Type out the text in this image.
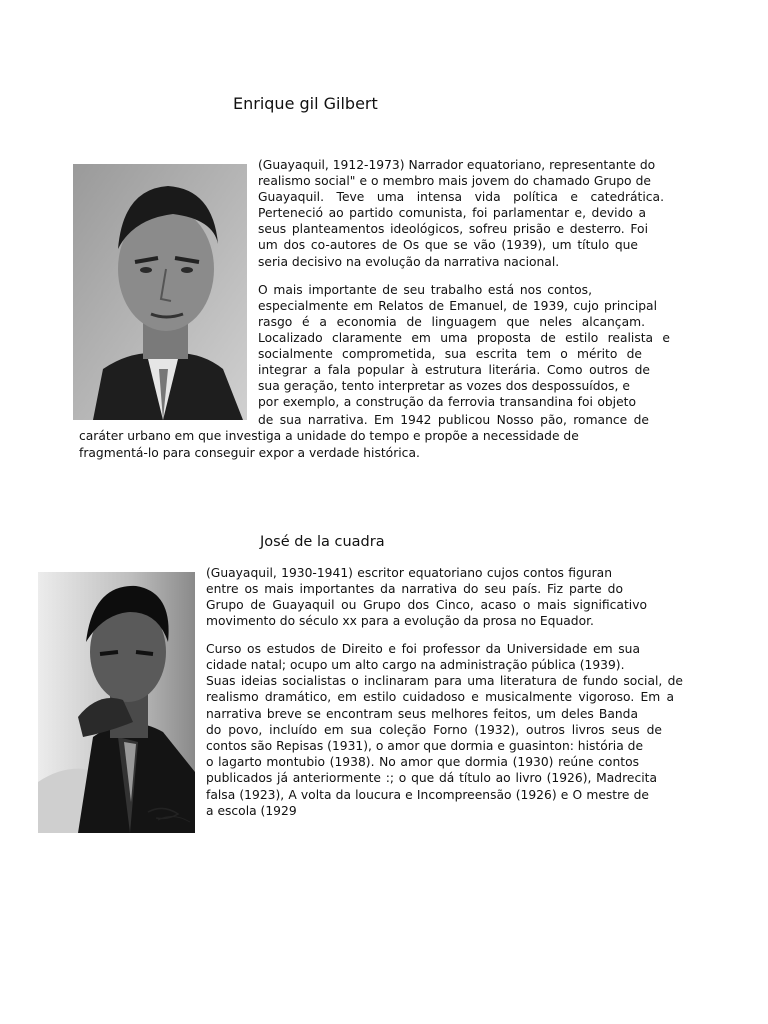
Enrique gil Gilbert
(Guayaquil, 1912-1973) Narrador equatoriano, representante do
realismo social" e o membro mais jovem do chamado Grupo de
Guayaquil. Teve uma intensa vida política e catedrática.
Perteneció ao partido comunista, foi parlamentar e, devido a
seus planteamentos ideológicos, sofreu prisão e desterro. Foi
um dos co-autores de Os que se vão (1939), um título que
seria decisivo na evolução da narrativa nacional.
O mais importante de seu trabalho está nos contos,
especialmente em Relatos de Emanuel, de 1939, cujo principal
rasgo é a economia de linguagem que neles alcançam.
Localizado claramente em uma proposta de estilo realista e
socialmente comprometida, sua escrita tem o mérito de
integrar a fala popular à estrutura literária. Como outros de
sua geração, tento interpretar as vozes dos despossuídos, e
por exemplo, a construção da ferrovia transandina foi objeto
de sua narrativa. Em 1942 publicou Nosso pão, romance de
caráter urbano em que investiga a unidade do tempo e propõe a necessidade de
fragmentá-lo para conseguir expor a verdade histórica.
José de la cuadra
(Guayaquil, 1930-1941) escritor equatoriano cujos contos figuran
entre os mais importantes da narrativa do seu país. Fiz parte do
Grupo de Guayaquil ou Grupo dos Cinco, acaso o mais significativo
movimento do século xx para a evolução da prosa no Equador.
Curso os estudos de Direito e foi professor da Universidade em sua
cidade natal; ocupo um alto cargo na administração pública (1939).
Suas ideias socialistas o inclinaram para uma literatura de fundo social, de
realismo dramático, em estilo cuidadoso e musicalmente vigoroso. Em a
narrativa breve se encontram seus melhores feitos, um deles Banda
do povo, incluído em sua coleção Forno (1932), outros livros seus de
contos são Repisas (1931), o amor que dormia e guasinton: história de
o lagarto montubio (1938). No amor que dormia (1930) reúne contos
publicados já anteriormente :; o que dá título ao livro (1926), Madrecita
falsa (1923), A volta da loucura e Incompreensão (1926) e O mestre de
a escola (1929
